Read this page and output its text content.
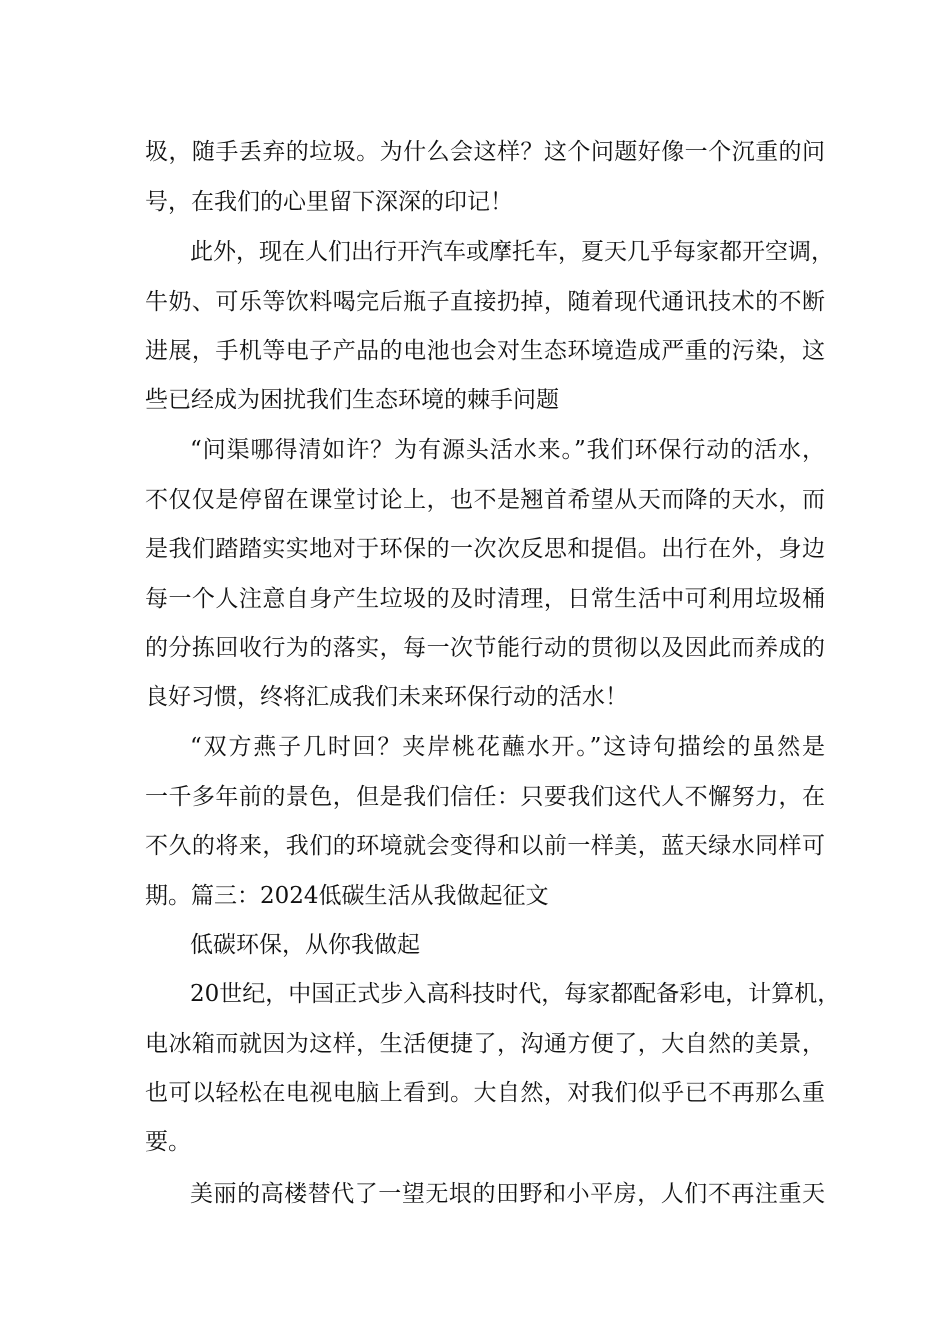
圾，随手丢弃的垃圾。为什么会这样？这个问题好像一个沉重的问
号，在我们的心里留下深深的印记！
此外，现在人们出行开汽车或摩托车，夏天几乎每家都开空调，
牛奶、可乐等饮料喝完后瓶子直接扔掉，随着现代通讯技术的不断
进展，手机等电子产品的电池也会对生态环境造成严重的污染，这
些已经成为困扰我们生态环境的棘手问题
“问渠哪得清如许？为有源头活水来。”我们环保行动的活水，
不仅仅是停留在课堂讨论上，也不是翘首希望从天而降的天水，而
是我们踏踏实实地对于环保的一次次反思和提倡。出行在外，身边
每一个人注意自身产生垃圾的及时清理，日常生活中可利用垃圾桶
的分拣回收行为的落实，每一次节能行动的贯彻以及因此而养成的
良好习惯，终将汇成我们未来环保行动的活水！
“双方燕子几时回？夹岸桃花蘸水开。”这诗句描绘的虽然是
一千多年前的景色，但是我们信任：只要我们这代人不懈努力，在
不久的将来，我们的环境就会变得和以前一样美，蓝天绿水同样可
期。篇三：2024低碳生活从我做起征文
低碳环保，从你我做起
20世纪，中国正式步入高科技时代，每家都配备彩电，计算机，
电冰箱而就因为这样，生活便捷了，沟通方便了，大自然的美景，
也可以轻松在电视电脑上看到。大自然，对我们似乎已不再那么重
要。
美丽的高楼替代了一望无垠的田野和小平房，人们不再注重天
